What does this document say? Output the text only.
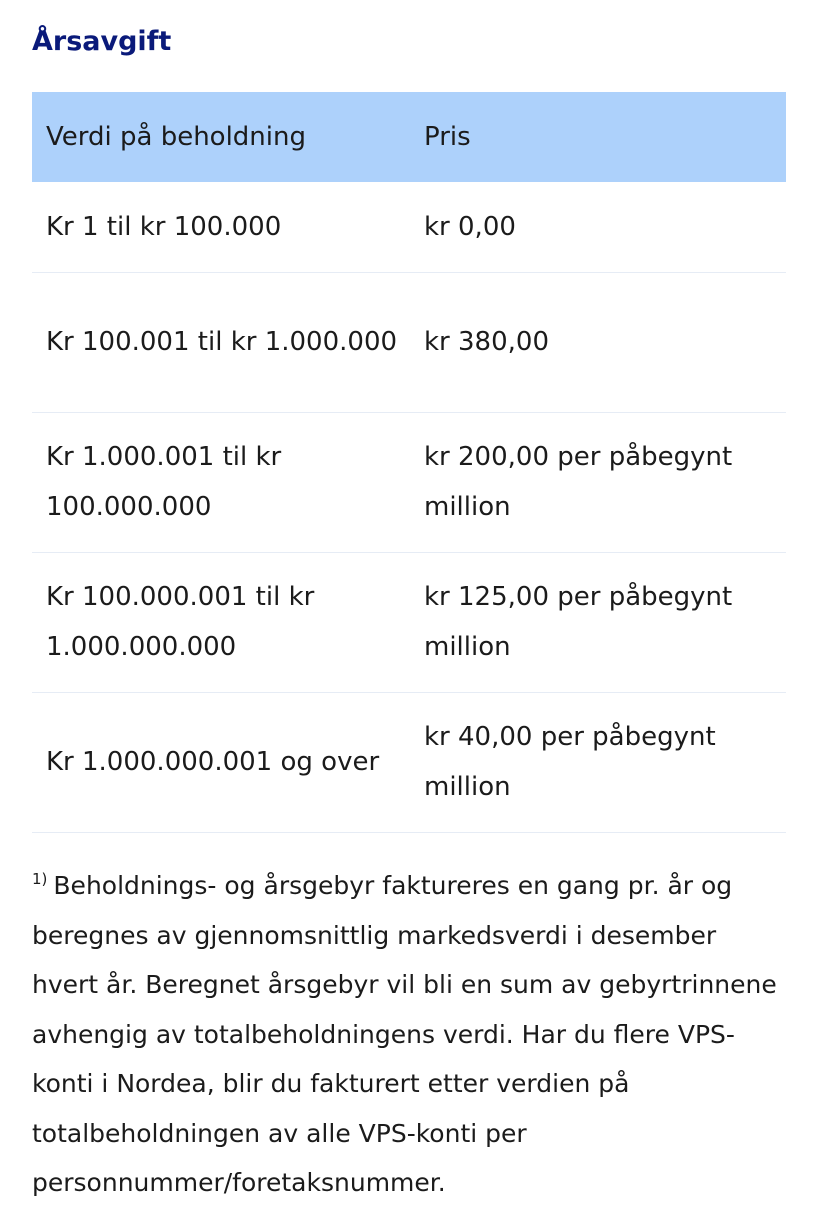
Årsavgift
Verdi på beholdning	Pris
Kr 1 til kr 100.000	kr 0,00
Kr 100.001 til kr 1.000.000	kr 380,00
Kr 1.000.001 til kr 100.000.000	kr 200,00 per påbegynt million
Kr 100.000.001 til kr 1.000.000.000	kr 125,00 per påbegynt million
Kr 1.000.000.001 og over	kr 40,00 per påbegynt million

$^{1)}$ Beholdnings- og årsgebyr faktureres en gang pr. år og beregnes av gjennomsnittlig markedsverdi i desember hvert år. Beregnet årsgebyr vil bli en sum av gebyrtrinnene avhengig av totalbeholdningens verdi. Har du flere VPS-konti i Nordea, blir du fakturert etter verdien på totalbeholdningen av alle VPS-konti per personnummer/foretaksnummer.
